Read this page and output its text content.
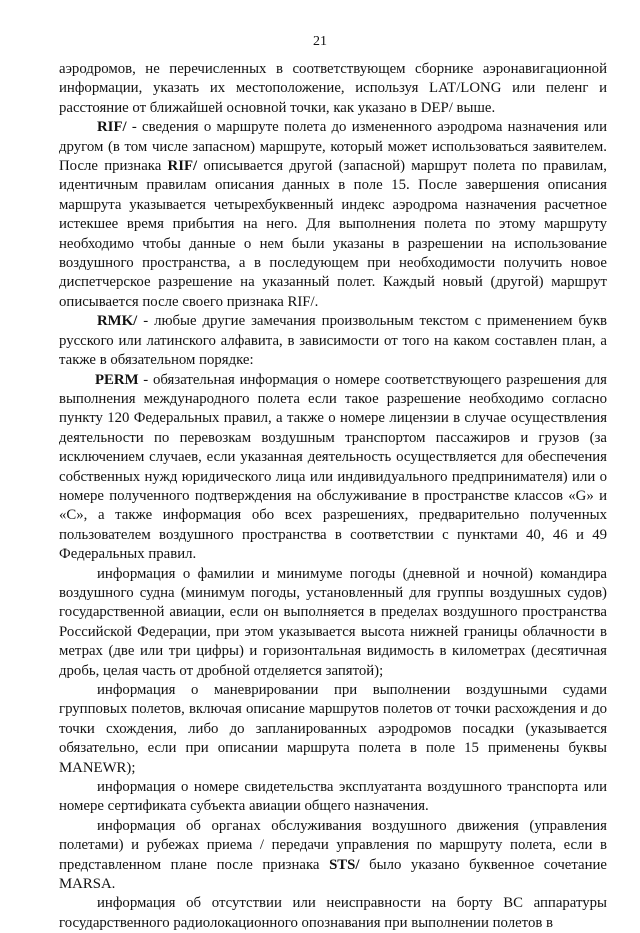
21

аэродромов, не перечисленных в соответствующем сборнике аэронавигационной информации, указать их местоположение, используя LAT/LONG или пеленг и расстояние от ближайшей основной точки, как указано в DEP/ выше.

RIF/ - сведения о маршруте полета до измененного аэродрома назначения или другом (в том числе запасном) маршруте, который может использоваться заявителем. После признака RIF/ описывается другой (запасной) маршрут полета по правилам, идентичным правилам описания данных в поле 15. После завершения описания маршрута указывается четырехбуквенный индекс аэродрома назначения расчетное истекшее время прибытия на него. Для выполнения полета по этому маршруту необходимо чтобы данные о нем были указаны в разрешении на использование воздушного пространства, а в последующем при необходимости получить новое диспетчерское разрешение на указанный полет. Каждый новый (другой) маршрут описывается после своего признака RIF/.

RMK/ - любые другие замечания произвольным текстом с применением букв русского или латинского алфавита, в зависимости от того на каком составлен план, а также в обязательном порядке:

PERM - обязательная информация о номере соответствующего разрешения для выполнения международного полета если такое разрешение необходимо согласно пункту 120 Федеральных правил, а также о номере лицензии в случае осуществления деятельности по перевозкам воздушным транспортом пассажиров и грузов (за исключением случаев, если указанная деятельность осуществляется для обеспечения собственных нужд юридического лица или индивидуального предпринимателя) или о номере полученного подтверждения на обслуживание в пространстве классов «G» и «С», а также информация обо всех разрешениях, предварительно полученных пользователем воздушного пространства в соответствии с пунктами 40, 46 и 49 Федеральных правил.

информация о фамилии и минимуме погоды (дневной и ночной) командира воздушного судна (минимум погоды, установленный для группы воздушных судов) государственной авиации, если он выполняется в пределах воздушного пространства Российской Федерации, при этом указывается высота нижней границы облачности в метрах (две или три цифры) и горизонтальная видимость в километрах (десятичная дробь, целая часть от дробной отделяется запятой);

информация о маневрировании при выполнении воздушными судами групповых полетов, включая описание маршрутов полетов от точки расхождения и до точки схождения, либо до запланированных аэродромов посадки (указывается обязательно, если при описании маршрута полета в поле 15 применены буквы MANEWR);

информация о номере свидетельства эксплуатанта воздушного транспорта или номере сертификата субъекта авиации общего назначения.

информация об органах обслуживания воздушного движения (управления полетами) и рубежах приема / передачи управления по маршруту полета, если в представленном плане после признака STS/ было указано буквенное сочетание MARSA.

информация об отсутствии или неисправности на борту ВС аппаратуры государственного радиолокационного опознавания при выполнении полетов в
